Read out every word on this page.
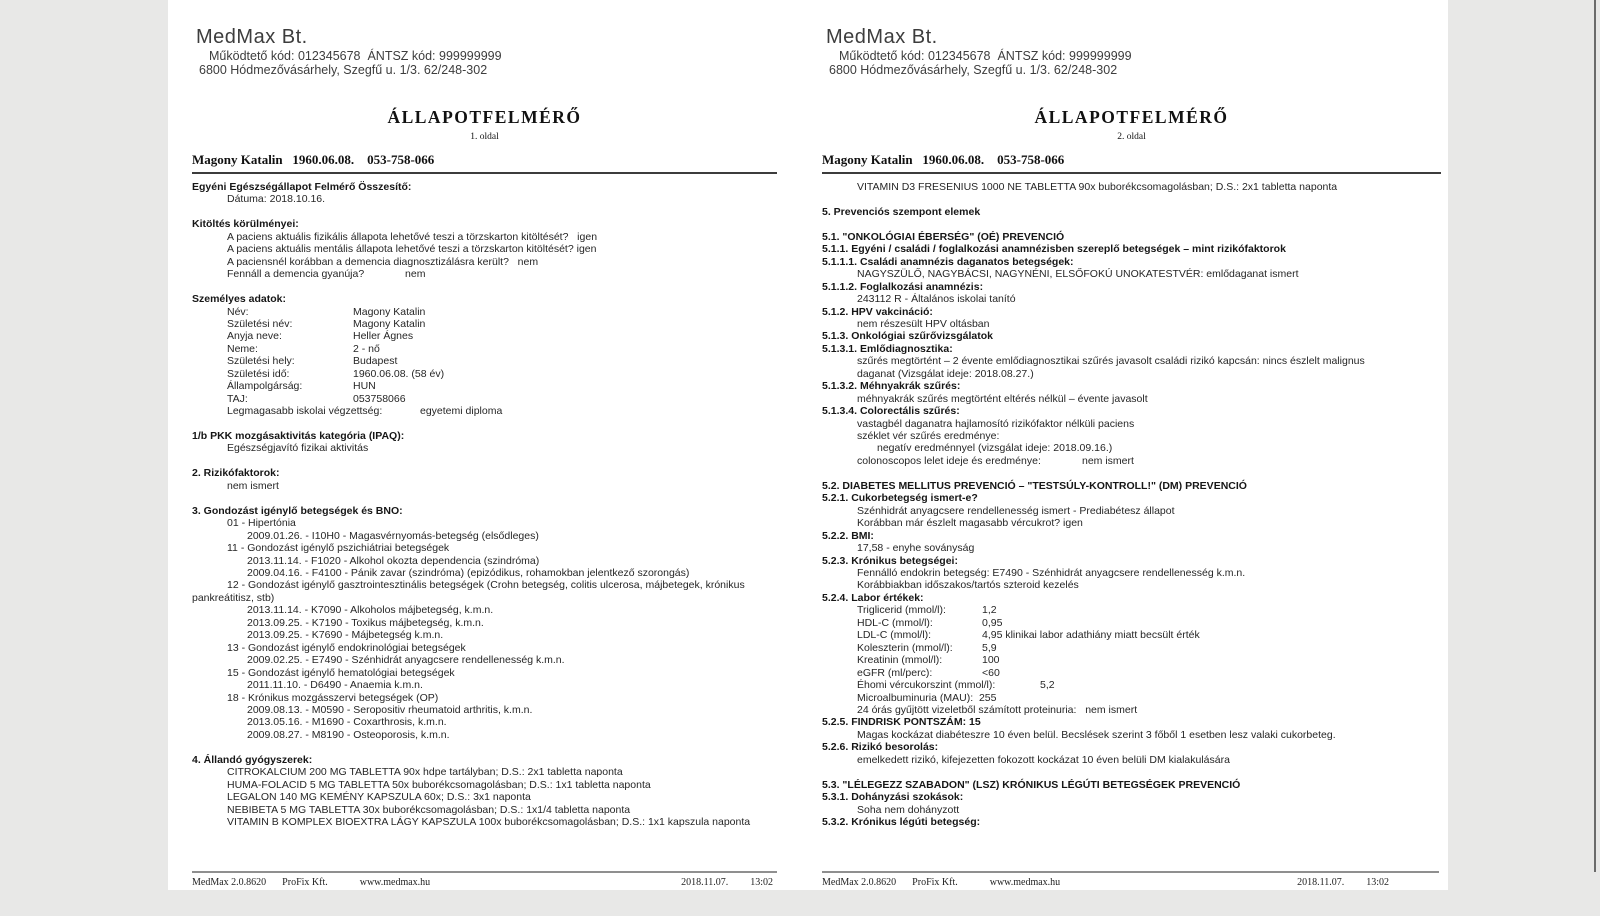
MedMax Bt.
Működtető kód: 012345678  ÁNTSZ kód: 999999999
6800 Hódmezővásárhely, Szegfű u. 1/3. 62/248-302
ÁLLAPOTFELMÉRŐ
1. oldal
Magony Katalin   1960.06.08.    053-758-066
Egyéni Egészségállapot Felmérő Összesítő:
Dátuma: 2018.10.16.
Kitöltés körülményei:
A paciens aktuális fizikális állapota lehetővé teszi a törzskarton kitöltését?   igen
A paciens aktuális mentális állapota lehetővé teszi a törzskarton kitöltését? igen
A paciensnél korábban a demencia diagnosztizálásra került?   nem
Fennáll a demencia gyanúja?              nem
Személyes adatok:
Név:	Magony Katalin
Születési név:	Magony Katalin
Anyja neve:	Heller Ágnes
Neme:	2 - nő
Születési hely:	Budapest
Születési idő:	1960.06.08. (58 év)
Állampolgárság:	HUN
TAJ:	053758066
Legmagasabb iskolai végzettség:	egyetemi diploma
1/b PKK mozgásaktivitás kategória (IPAQ):
Egészségjavító fizikai aktivitás
2. Rizikófaktorok:
nem ismert
3. Gondozást igénylő betegségek és BNO:
01 - Hipertónia
2009.01.26. - I10H0 - Magasvérnyomás-betegség (elsődleges)
11 - Gondozást igénylő pszichiátriai betegségek
2013.11.14. - F1020 - Alkohol okozta dependencia (szindróma)
2009.04.16. - F4100 - Pánik zavar (szindróma) (epizódikus, rohamokban jelentkező szorongás)
12 - Gondozást igénylő gasztrointesztinális betegségek (Crohn betegség, colitis ulcerosa, májbetegek, krónikus
pankreátitisz, stb)
2013.11.14. - K7090 - Alkoholos májbetegség, k.m.n.
2013.09.25. - K7190 - Toxikus májbetegség, k.m.n.
2013.09.25. - K7690 - Májbetegség k.m.n.
13 - Gondozást igénylő endokrinológiai betegségek
2009.02.25. - E7490 - Szénhidrát anyagcsere rendellenesség k.m.n.
15 - Gondozást igénylő hematológiai betegségek
2011.11.10. - D6490 - Anaemia k.m.n.
18 - Krónikus mozgásszervi betegségek (OP)
2009.08.13. - M0590 - Seropositiv rheumatoid arthritis, k.m.n.
2013.05.16. - M1690 - Coxarthrosis, k.m.n.
2009.08.27. - M8190 - Osteoporosis, k.m.n.
4. Állandó gyógyszerek:
CITROKALCIUM 200 MG TABLETTA 90x hdpe tartályban; D.S.: 2x1 tabletta naponta
HUMA-FOLACID 5 MG TABLETTA 50x buborékcsomagolásban; D.S.: 1x1 tabletta naponta
LEGALON 140 MG KEMÉNY KAPSZULA 60x; D.S.: 3x1 naponta
NEBIBETA 5 MG TABLETTA 30x buborékcsomagolásban; D.S.: 1x1/4 tabletta naponta
VITAMIN B KOMPLEX BIOEXTRA LÁGY KAPSZULA 100x buborékcsomagolásban; D.S.: 1x1 kapszula naponta
MedMax 2.0.8620 ProFix Kft.	www.medmax.hu	2018.11.07. 13:02
MedMax Bt.
Működtető kód: 012345678  ÁNTSZ kód: 999999999
6800 Hódmezővásárhely, Szegfű u. 1/3. 62/248-302
ÁLLAPOTFELMÉRŐ
2. oldal
Magony Katalin   1960.06.08.    053-758-066
VITAMIN D3 FRESENIUS 1000 NE TABLETTA 90x buborékcsomagolásban; D.S.: 2x1 tabletta naponta
5. Prevenciós szempont elemek
5.1. "ONKOLÓGIAI ÉBERSÉG" (OÉ) PREVENCIÓ
5.1.1. Egyéni / családi / foglalkozási anamnézisben szereplő betegségek – mint rizikófaktorok
5.1.1.1. Családi anamnézis daganatos betegségek:
NAGYSZÜLŐ, NAGYBÁCSI, NAGYNÉNI, ELSŐFOKÚ UNOKATESTVÉR: emlődaganat ismert
5.1.1.2. Foglalkozási anamnézis:
243112 R - Általános iskolai tanító
5.1.2. HPV vakcináció:
nem részesült HPV oltásban
5.1.3. Onkológiai szűrővizsgálatok
5.1.3.1. Emlődiagnosztika:
szűrés megtörtént – 2 évente emlődiagnosztikai szűrés javasolt családi rizikó kapcsán: nincs észlelt malignus
daganat (Vizsgálat ideje: 2018.08.27.)
5.1.3.2. Méhnyakrák szűrés:
méhnyakrák szűrés megtörtént eltérés nélkül – évente javasolt
5.1.3.4. Colorectális szűrés:
vastagbél daganatra hajlamosító rizikófaktor nélküli paciens
széklet vér szűrés eredménye:
negatív eredménnyel (vizsgálat ideje: 2018.09.16.)
colonoscopos lelet ideje és eredménye:	nem ismert
5.2. DIABETES MELLITUS PREVENCIÓ – "TESTSÚLY-KONTROLL!" (DM) PREVENCIÓ
5.2.1. Cukorbetegség ismert-e?
Szénhidrát anyagcsere rendellenesség ismert - Prediabétesz állapot
Korábban már észlelt magasabb vércukrot? igen
5.2.2. BMI:
17,58 - enyhe soványság
5.2.3. Krónikus betegségei:
Fennálló endokrin betegség: E7490 - Szénhidrát anyagcsere rendellenesség k.m.n.
Korábbiakban időszakos/tartós szteroid kezelés
5.2.4. Labor értékek:
Triglicerid (mmol/l):	1,2
HDL-C (mmol/l):	0,95
LDL-C (mmol/l):	4,95 klinikai labor adathiány miatt becsült érték
Koleszterin (mmol/l):	5,9
Kreatinin (mmol/l):	100
eGFR (ml/perc):	<60
Éhomi vércukorszint (mmol/l):	5,2
Microalbuminuria (MAU):  255
24 órás gyűjtött vizeletből számított proteinuria:   nem ismert
5.2.5. FINDRISK PONTSZÁM: 15
Magas kockázat diabéteszre 10 éven belül. Becslések szerint 3 főből 1 esetben lesz valaki cukorbeteg.
5.2.6. Rizikó besorolás:
emelkedett rizikó, kifejezetten fokozott kockázat 10 éven belüli DM kialakulására
5.3. "LÉLEGEZZ SZABADON" (LSZ) KRÓNIKUS LÉGÚTI BETEGSÉGEK PREVENCIÓ
5.3.1. Dohányzási szokások:
Soha nem dohányzott
5.3.2. Krónikus légúti betegség:
MedMax 2.0.8620 ProFix Kft.	www.medmax.hu	2018.11.07. 13:02
